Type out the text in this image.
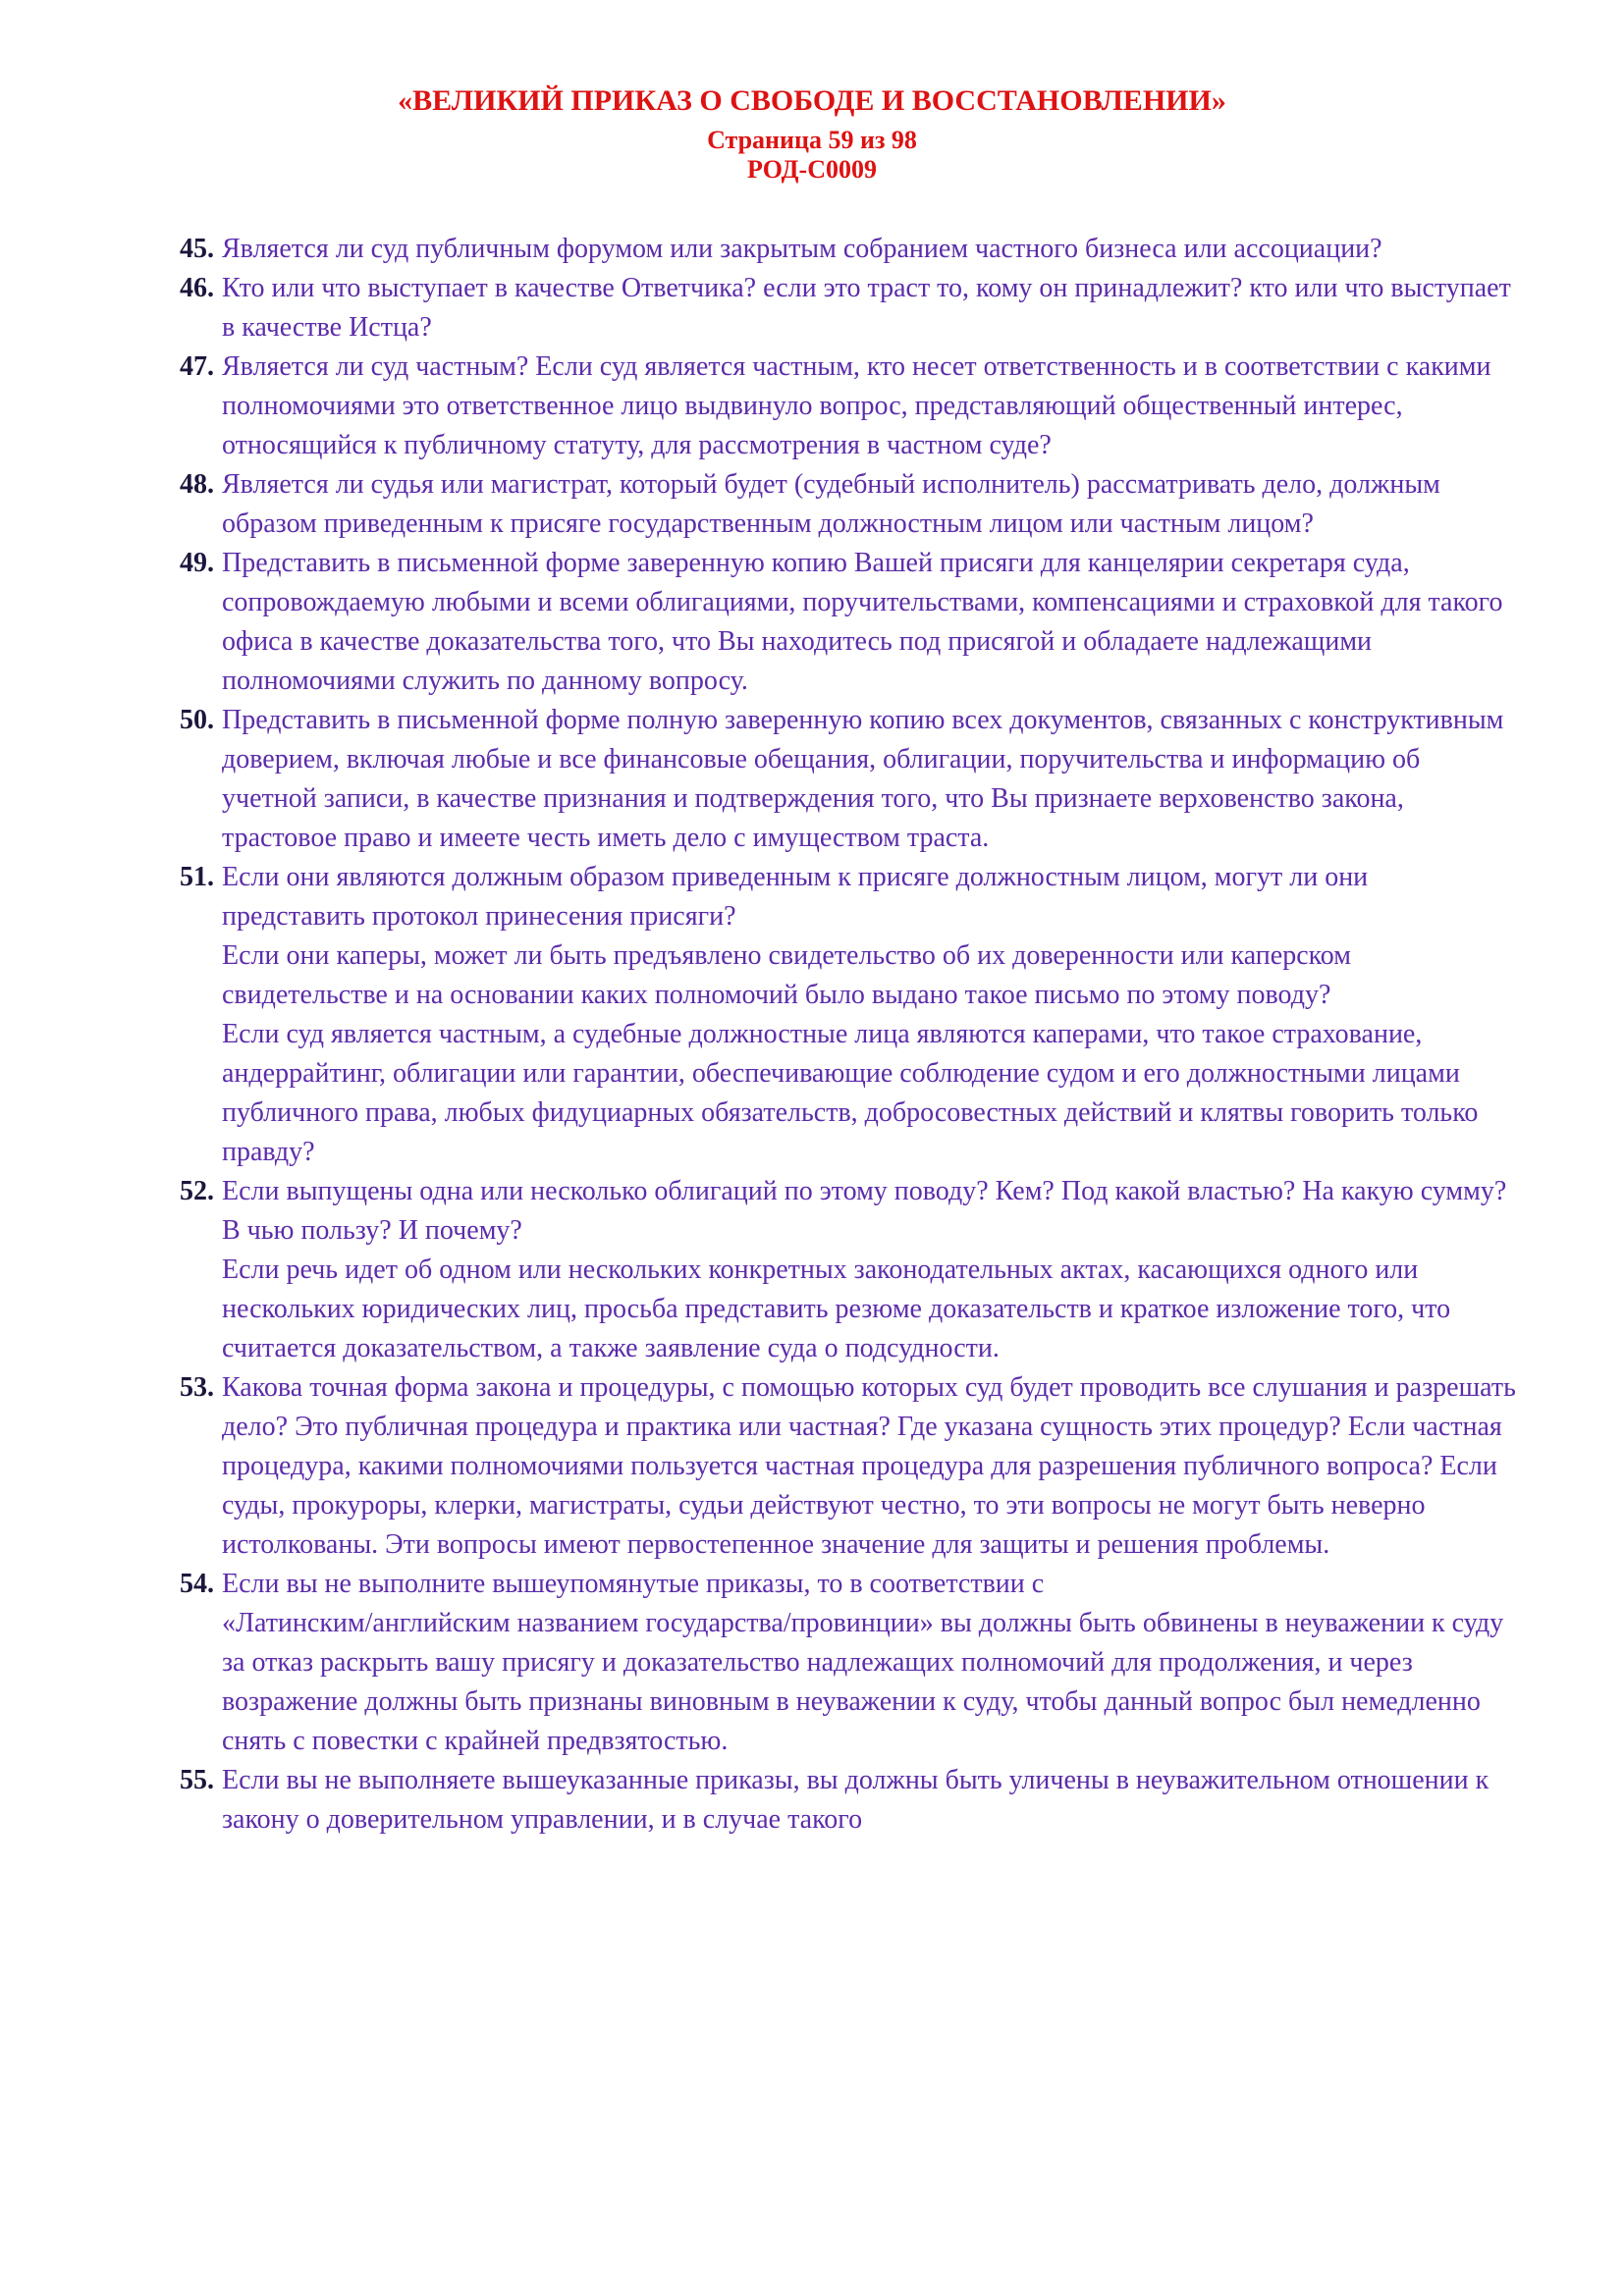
«ВЕЛИКИЙ ПРИКАЗ О СВОБОДЕ И ВОССТАНОВЛЕНИИ»
Страница 59 из 98
РОД-С0009
45. Является ли суд публичным форумом или закрытым собранием частного бизнеса или ассоциации?

46. Кто или что выступает в качестве Ответчика? если это траст то, кому он принадлежит? кто или что выступает в качестве Истца?

47. Является ли суд частным? Если суд является частным, кто несет ответственность и в соответствии с какими полномочиями это ответственное лицо выдвинуло вопрос, представляющий общественный интерес, относящийся к публичному статуту, для рассмотрения в частном суде?

48. Является ли судья или магистрат, который будет (судебный исполнитель) рассматривать дело, должным образом приведенным к присяге государственным должностным лицом или частным лицом?

49. Представить в письменной форме заверенную копию Вашей присяги для канцелярии секретаря суда, сопровождаемую любыми и всеми облигациями, поручительствами, компенсациями и страховкой для такого офиса в качестве доказательства того, что Вы находитесь под присягой и обладаете надлежащими полномочиями служить по данному вопросу.

50. Представить в письменной форме полную заверенную копию всех документов, связанных с конструктивным доверием, включая любые и все финансовые обещания, облигации, поручительства и информацию об учетной записи, в качестве признания и подтверждения того, что Вы признаете верховенство закона, трастовое право и имеете честь иметь дело с имуществом траста.

51. Если они являются должным образом приведенным к присяге должностным лицом, могут ли они представить протокол принесения присяги?

Если они каперы, может ли быть предъявлено свидетельство об их доверенности или каперском свидетельстве и на основании каких полномочий было выдано такое письмо по этому поводу?

Если суд является частным, а судебные должностные лица являются каперами, что такое страхование, андеррайтинг, облигации или гарантии, обеспечивающие соблюдение судом и его должностными лицами публичного права, любых фидуциарных обязательств, добросовестных действий и клятвы говорить только правду?

52. Если выпущены одна или несколько облигаций по этому поводу? Кем? Под какой властью? На какую сумму? В чью пользу? И почему?

Если речь идет об одном или нескольких конкретных законодательных актах, касающихся одного или нескольких юридических лиц, просьба представить резюме доказательств и краткое изложение того, что считается доказательством, а также заявление суда о подсудности.

53. Какова точная форма закона и процедуры, с помощью которых суд будет проводить все слушания и разрешать дело? Это публичная процедура и практика или частная? Где указана сущность этих процедур? Если частная процедура, какими полномочиями пользуется частная процедура для разрешения публичного вопроса? Если суды, прокуроры, клерки, магистраты, судьи действуют честно, то эти вопросы не могут быть неверно истолкованы. Эти вопросы имеют первостепенное значение для защиты и решения проблемы.

54. Если вы не выполните вышеупомянутые приказы, то в соответствии с

«Латинским/английским названием государства/провинции» вы должны быть обвинены в неуважении к суду за отказ раскрыть вашу присягу и доказательство надлежащих полномочий для продолжения, и через возражение должны быть признаны виновным в неуважении к суду, чтобы данный вопрос был немедленно снять с повестки с крайней предвзятостью.

55. Если вы не выполняете вышеуказанные приказы, вы должны быть уличены в неуважительном отношении к закону о доверительном управлении, и в случае такого
